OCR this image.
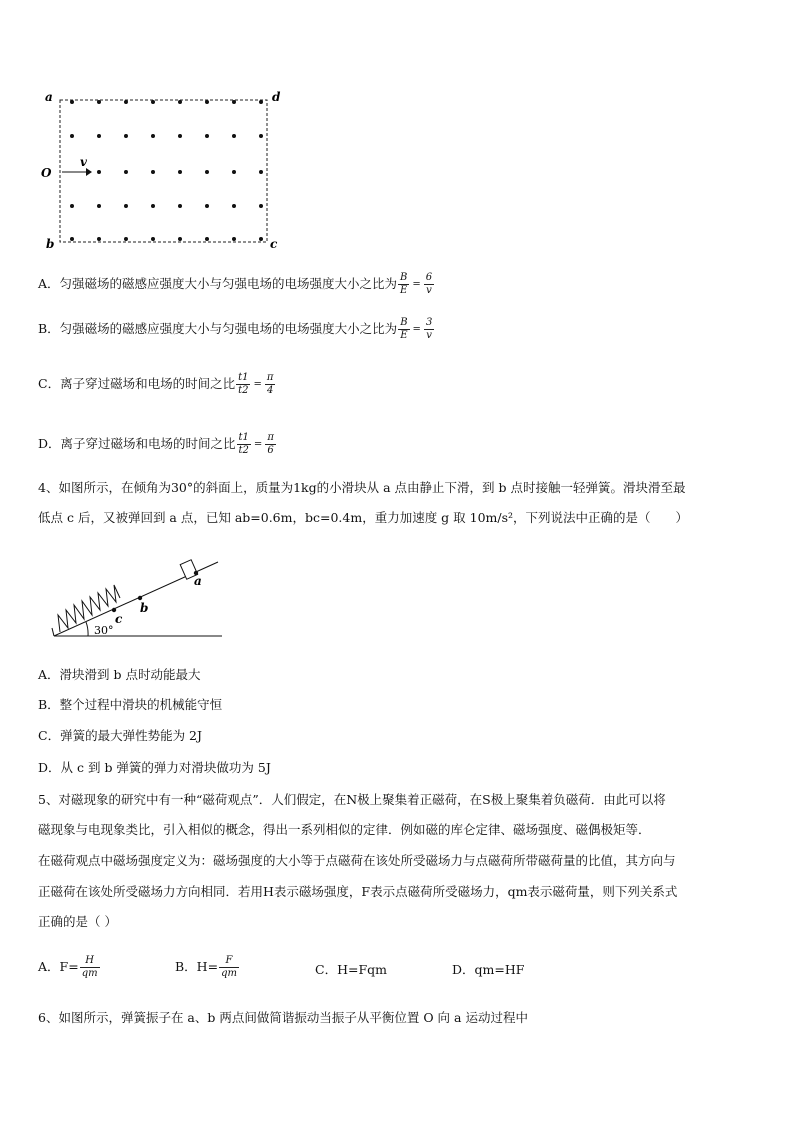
a	d
O
v
b	c
A．匀强磁场的磁感应强度大小与匀强电场的电场强度大小之比为 $\frac{B}{E} = \frac{6}{v}$
B．匀强磁场的磁感应强度大小与匀强电场的电场强度大小之比为 $\frac{B}{E} = \frac{3}{v}$
C．离子穿过磁场和电场的时间之比 $\frac{t1}{t2} = \frac{\pi}{4}$
D．离子穿过磁场和电场的时间之比 $\frac{t1}{t2} = \frac{\pi}{6}$
4、如图所示，在倾角为30°的斜面上，质量为1kg的小滑块从 a 点由静止下滑，到 b 点时接触一轻弹簧。滑块滑至最
低点 c 后，又被弹回到 a 点，已知 ab=0.6m，bc=0.4m，重力加速度 g 取 10m/s²，下列说法中正确的是（　　）
30°
a
b
c
A．滑块滑到 b 点时动能最大
B．整个过程中滑块的机械能守恒
C．弹簧的最大弹性势能为 2J
D．从 c 到 b 弹簧的弹力对滑块做功为 5J
5、对磁现象的研究中有一种“磁荷观点”．人们假定，在N极上聚集着正磁荷，在S极上聚集着负磁荷．由此可以将
磁现象与电现象类比，引入相似的概念，得出一系列相似的定律．例如磁的库仑定律、磁场强度、磁偶极矩等．
在磁荷观点中磁场强度定义为：磁场强度的大小等于点磁荷在该处所受磁场力与点磁荷所带磁荷量的比值，其方向与
正磁荷在该处所受磁场力方向相同．若用H表示磁场强度，F表示点磁荷所受磁场力，qm表示磁荷量，则下列关系式
正确的是（ ）
A．$F= \frac{H}{qm}$	B．$H= \frac{F}{qm}$	C．H=Fqm	D．qm=HF
6、如图所示，弹簧振子在 a、b 两点间做简谐振动当振子从平衡位置 O 向 a 运动过程中
